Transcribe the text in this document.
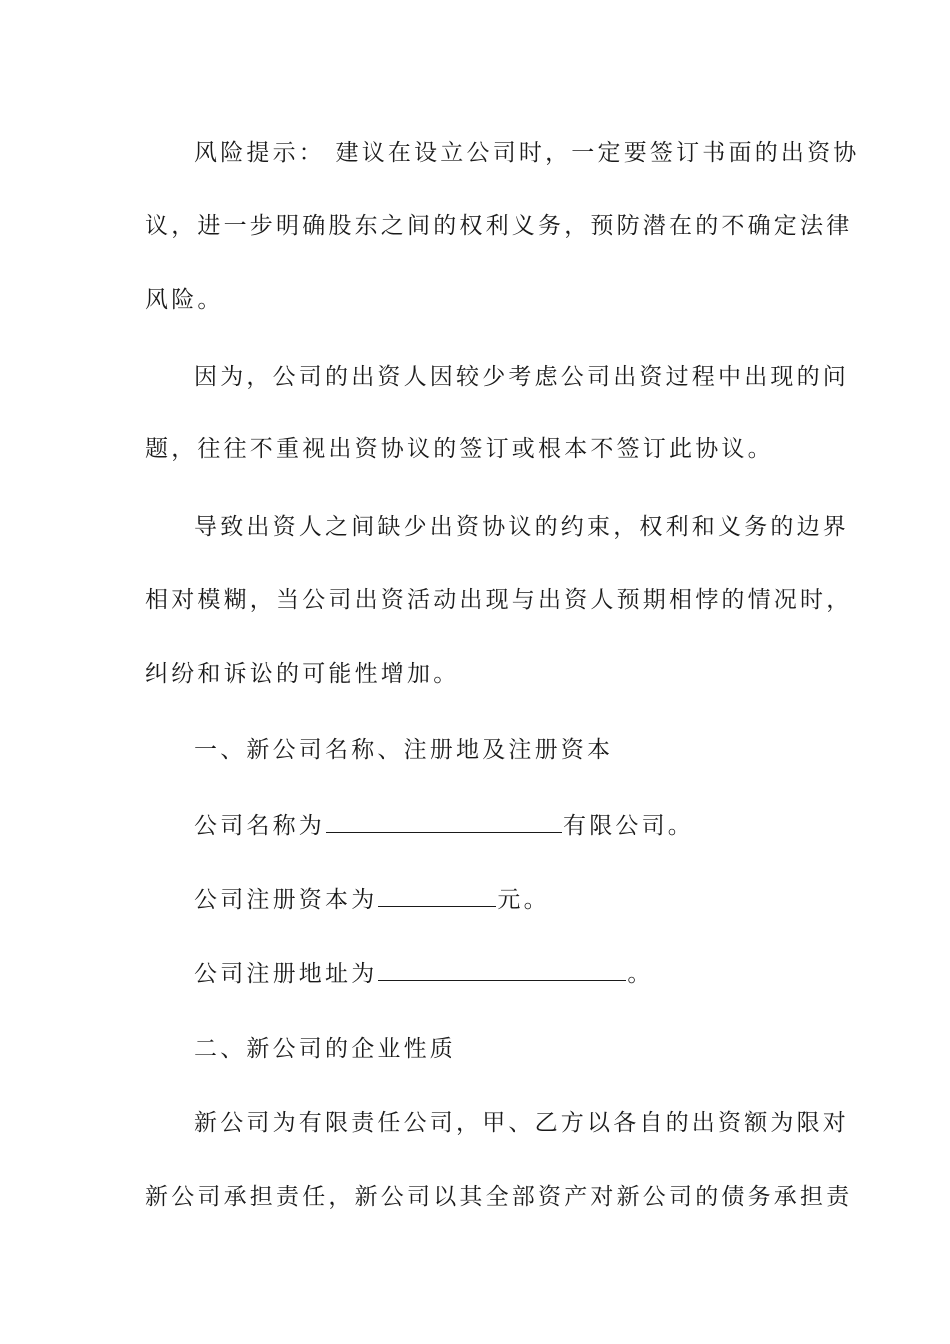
风险提示： 建议在设立公司时，一定要签订书面的出资协
议，进一步明确股东之间的权利义务，预防潜在的不确定法律
风险。
因为，公司的出资人因较少考虑公司出资过程中出现的问
题，往往不重视出资协议的签订或根本不签订此协议。
导致出资人之间缺少出资协议的约束，权利和义务的边界
相对模糊，当公司出资活动出现与出资人预期相悖的情况时，
纠纷和诉讼的可能性增加。
一、新公司名称、注册地及注册资本
公司名称为	有限公司。
公司注册资本为	元。
公司注册地址为	。
二、新公司的企业性质
新公司为有限责任公司，甲、乙方以各自的出资额为限对
新公司承担责任，新公司以其全部资产对新公司的债务承担责
